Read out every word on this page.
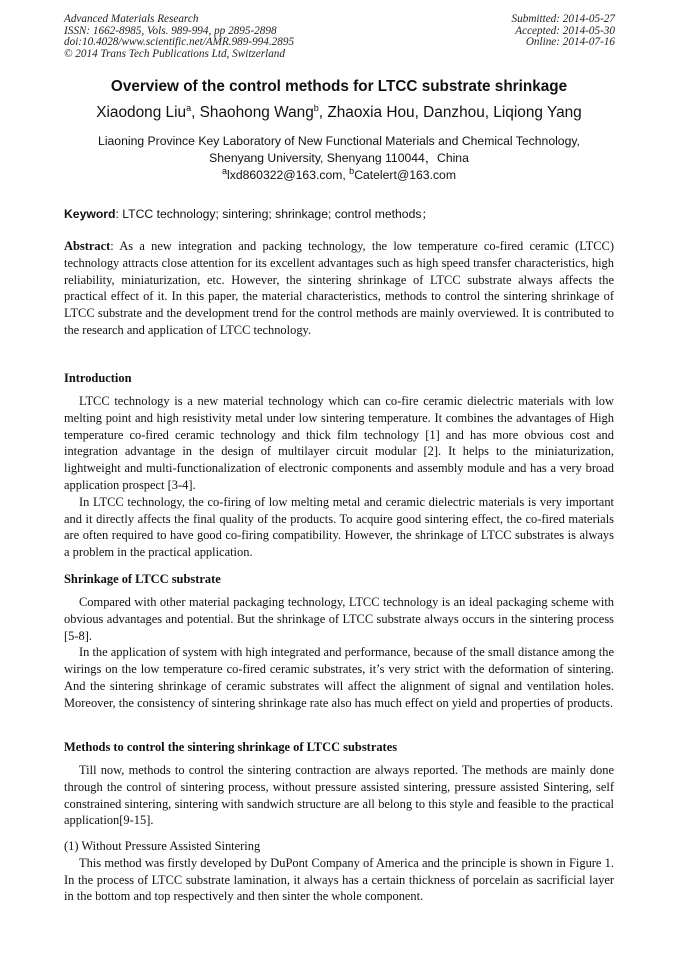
Advanced Materials Research
ISSN: 1662-8985, Vols. 989-994, pp 2895-2898
doi:10.4028/www.scientific.net/AMR.989-994.2895
© 2014 Trans Tech Publications Ltd, Switzerland
Submitted: 2014-05-27
Accepted: 2014-05-30
Online: 2014-07-16
Overview of the control methods for LTCC substrate shrinkage
Xiaodong Liu$^a$, Shaohong Wang$^b$, Zhaoxia Hou, Danzhou, Liqiong Yang
Liaoning Province Key Laboratory of New Functional Materials and Chemical Technology,
Shenyang University, Shenyang 110044，China
$^a$lxd860322@163.com, $^b$Catelert@163.com
Keyword: LTCC technology; sintering; shrinkage; control methods；

Abstract: As a new integration and packing technology, the low temperature co-fired ceramic (LTCC) technology attracts close attention for its excellent advantages such as high speed transfer characteristics, high reliability, miniaturization, etc. However, the sintering shrinkage of LTCC substrate always affects the practical effect of it. In this paper, the material characteristics, methods to control the sintering shrinkage of LTCC substrate and the development trend for the control methods are mainly overviewed. It is contributed to the research and application of LTCC technology.

Introduction

LTCC technology is a new material technology which can co-fire ceramic dielectric materials with low melting point and high resistivity metal under low sintering temperature. It combines the advantages of High temperature co-fired ceramic technology and thick film technology [1] and has more obvious cost and integration advantage in the design of multilayer circuit modular [2]. It helps to the miniaturization, lightweight and multi-functionalization of electronic components and assembly module and has a very broad application prospect [3-4].

In LTCC technology, the co-firing of low melting metal and ceramic dielectric materials is very important and it directly affects the final quality of the products. To acquire good sintering effect, the co-fired materials are often required to have good co-firing compatibility. However, the shrinkage of LTCC substrates is always a problem in the practical application.

Shrinkage of LTCC substrate

Compared with other material packaging technology, LTCC technology is an ideal packaging scheme with obvious advantages and potential. But the shrinkage of LTCC substrate always occurs in the sintering process [5-8].

In the application of system with high integrated and performance, because of the small distance among the wirings on the low temperature co-fired ceramic substrates, it’s very strict with the deformation of sintering. And the sintering shrinkage of ceramic substrates will affect the alignment of signal and ventilation holes. Moreover, the consistency of sintering shrinkage rate also has much effect on yield and properties of products.

Methods to control the sintering shrinkage of LTCC substrates

Till now, methods to control the sintering contraction are always reported. The methods are mainly done through the control of sintering process, without pressure assisted sintering, pressure assisted Sintering, self constrained sintering, sintering with sandwich structure are all belong to this style and feasible to the practical application[9-15].

(1) Without Pressure Assisted Sintering

This method was firstly developed by DuPont Company of America and the principle is shown in Figure 1. In the process of LTCC substrate lamination, it always has a certain thickness of porcelain as sacrificial layer in the bottom and top respectively and then sinter the whole component.
